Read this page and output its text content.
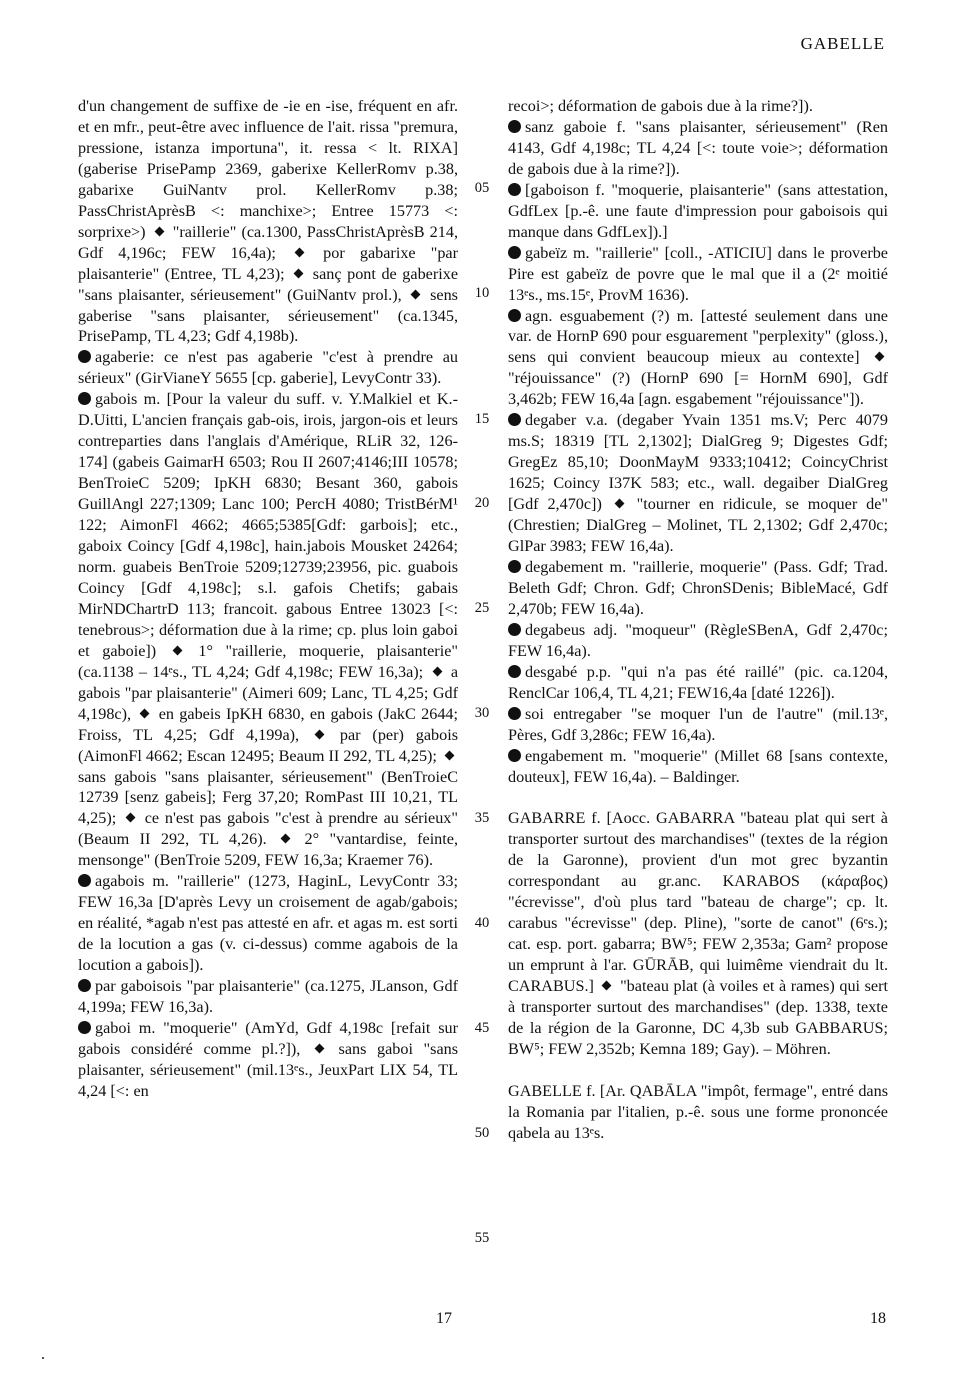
GABELLE

d'un changement de suffixe de -ie en -ise, fréquent en afr. et en mfr., peut-être avec influence de l'ait. rissa "premura, pressione, istanza importuna", it. ressa < lt. RIXA] (gaberise PrisePamp 2369, gaberixe KellerRomv p.38, gabarixe GuiNantv prol. KellerRomv p.38; PassChristAprèsB <: manchixe>; Entree 15773 <: sorprixe>) "raillerie" (ca.1300, PassChristAprèsB 214, Gdf 4,196c; FEW 16,4a);	por gabarixe "par plaisanterie" (Entree, TL 4,23); sanç pont de gaberixe "sans plaisanter, sérieusement" (GuiNantv prol.), sens gaberise "sans plaisanter, sérieusement" (ca.1345, PrisePamp, TL 4,23; Gdf 4,198b).

agaberie: ce n'est pas agaberie "c'est à prendre au sérieux" (GirVianeY 5655 [cp. gaberie], LevyContr 33).

gabois m. [Pour la valeur du suff. v. Y.Malkiel et K.-D.Uitti, L'ancien français gab-ois, irois, jargon-ois et leurs contreparties dans l'anglais d'Amérique, RLiR 32, 126-174] (gabeis GaimarH 6503; Rou II 2607;4146;III 10578; BenTroieC 5209; IpKH 6830; Besant 360, gabois GuillAngl 227;1309; Lanc 100; PercH 4080; TristBérM¹ 122; AimonFl 4662; 4665;5385[Gdf: garbois]; etc., gaboix Coincy [Gdf 4,198c], hain.jabois Mousket 24264; norm. guabeis BenTroie 5209;12739;23956, pic. guabois Coincy [Gdf 4,198c]; s.l. gafois Chetifs; gabais MirNDChartrD 113; francoit. gabous Entree 13023 [<: tenebrous>; déformation due à la rime; cp. plus loin gaboi et gaboie])	1° "raillerie, moquerie, plaisanterie" (ca.1138 – 14ᵉs., TL 4,24; Gdf 4,198c; FEW 16,3a); a gabois "par plaisanterie" (Aimeri 609; Lanc, TL 4,25; Gdf 4,198c), en gabeis IpKH 6830, en gabois (JakC 2644; Froiss, TL 4,25; Gdf 4,199a),	par (per) gabois (AimonFl 4662; Escan 12495; Beaum II 292, TL 4,25);  sans gabois "sans plaisanter, sérieusement" (BenTroieC 12739 [senz gabeis]; Ferg 37,20; RomPast III 10,21, TL 4,25); ce n'est pas gabois "c'est à prendre au sérieux" (Beaum II 292, TL 4,26). 2° "vantardise, feinte, mensonge" (BenTroie 5209, FEW 16,3a; Kraemer 76).

agabois m. "raillerie" (1273, HaginL, LevyContr 33; FEW 16,3a [D'après Levy un croisement de agab/gabois; en réalité, *agab n'est pas attesté en afr. et agas m. est sorti de la locution a gas (v. ci-dessus) comme agabois de la locution a gabois]).

par gaboisois "par plaisanterie" (ca.1275, JLanson, Gdf 4,199a; FEW 16,3a).

gaboi m. "moquerie" (AmYd, Gdf 4,198c [refait sur gabois considéré comme pl.?]), sans gaboi "sans plaisanter, sérieusement" (mil.13ᵉs., JeuxPart LIX 54, TL 4,24 [<: en

05
10
15
20
25
30
35
40
45
50
55

recoi>; déformation de gabois due à la rime?]).

sanz gaboie f. "sans plaisanter, sérieusement" (Ren 4143, Gdf 4,198c; TL 4,24 [<: toute voie>; déformation de gabois due à la rime?]).

[gaboison f. "moquerie, plaisanterie" (sans attestation, GdfLex [p.-ê. une faute d'impression pour gaboisois qui manque dans GdfLex]).]

gabeïz m. "raillerie" [coll., -ATICIU] dans le proverbe Pire est gabeïz de povre que le mal que il a (2ᵉ moitié 13ᵉs., ms.15ᵉ, ProvM 1636).

agn. esguabement (?) m. [attesté seulement dans une var. de HornP 690 pour esguarement "perplexity" (gloss.), sens qui convient beaucoup mieux au contexte]  "réjouissance" (?) (HornP 690 [= HornM 690], Gdf 3,462b; FEW 16,4a [agn. esgabement "réjouissance"]).

degaber v.a. (degaber Yvain 1351 ms.V; Perc 4079 ms.S; 18319 [TL 2,1302]; DialGreg 9; Digestes Gdf; GregEz 85,10; DoonMayM 9333;10412; CoincyChrist 1625; Coincy I37K 583; etc., wall. degaiber DialGreg [Gdf 2,470c]) "tourner en ridicule, se moquer de" (Chrestien; DialGreg – Molinet, TL 2,1302; Gdf 2,470c; GlPar 3983; FEW 16,4a).

degabement m. "raillerie, moquerie" (Pass. Gdf; Trad. Beleth Gdf; Chron. Gdf; ChronSDenis; BibleMacé, Gdf 2,470b; FEW 16,4a).

degabeus adj. "moqueur" (RègleSBenA, Gdf 2,470c; FEW 16,4a).

desgabé p.p. "qui n'a pas été raillé" (pic. ca.1204, RenclCar 106,4, TL 4,21; FEW16,4a [daté 1226]).

soi entregaber "se moquer l'un de l'autre" (mil.13ᵉ, Pères, Gdf 3,286c; FEW 16,4a).

engabement m. "moquerie" (Millet 68 [sans contexte, douteux], FEW 16,4a). – Baldinger.

GABARRE f. [Aocc. GABARRA "bateau plat qui sert à transporter surtout des marchandises" (textes de la région de la Garonne), provient d'un mot grec byzantin correspondant au gr.anc. KARABOS (κάραβος) "écrevisse", d'où plus tard "bateau de charge"; cp. lt. carabus "écrevisse" (dep. Pline), "sorte de canot" (6ᵉs.); cat. esp. port. gabarra; BW⁵; FEW 2,353a; Gam² propose un emprunt à l'ar. GŪRĀB, qui luimême viendrait du lt. CARABUS.] "bateau plat (à voiles et à rames) qui sert à transporter surtout des marchandises" (dep. 1338, texte de la région de la Garonne, DC 4,3b sub GABBARUS; BW⁵; FEW 2,352b; Kemna 189; Gay). – Möhren.

GABELLE f. [Ar. QABĀLA "impôt, fermage", entré dans la Romania par l'italien, p.-ê. sous une forme prononcée qabela au 13ᵉs.

17	18
